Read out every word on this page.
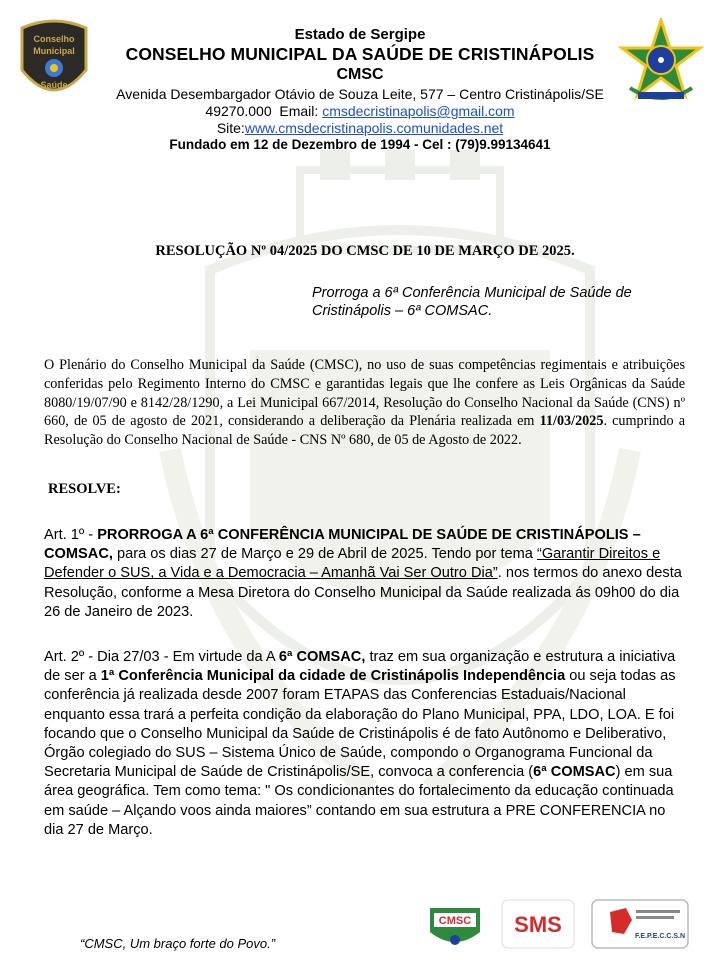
Conselho
Municipal
Saúde
Estado de Sergipe
CONSELHO MUNICIPAL DA SAÚDE DE CRISTINÁPOLIS
CMSC
Avenida Desembargador Otávio de Souza Leite, 577 – Centro Cristinápolis/SE
49270.000 Email: cmsdecristinapolis@gmail.com
Site:www.cmsdecristinapolis.comunidades.net
Fundado em 12 de Dezembro de 1994 - Cel : (79)9.99134641
RESOLUÇÃO Nº 04/2025 DO CMSC DE 10 DE MARÇO DE 2025.
Prorroga a 6ª Conferência Municipal de Saúde de Cristinápolis – 6ª COMSAC.
O Plenário do Conselho Municipal da Saúde (CMSC), no uso de suas competências regimentais e atribuições conferidas pelo Regimento Interno do CMSC e garantidas legais que lhe confere as Leis Orgânicas da Saúde 8080/19/07/90 e 8142/28/1290, a Lei Municipal 667/2014, Resolução do Conselho Nacional da Saúde (CNS) nº 660, de 05 de agosto de 2021, considerando a deliberação da Plenária realizada em 11/03/2025. cumprindo a Resolução do Conselho Nacional de Saúde - CNS Nº 680, de 05 de Agosto de 2022.
RESOLVE:
Art. 1º - PRORROGA A 6ª CONFERÊNCIA MUNICIPAL DE SAÚDE DE CRISTINÁPOLIS – COMSAC, para os dias 27 de Março e 29 de Abril de 2025. Tendo por tema “Garantir Direitos e Defender o SUS, a Vida e a Democracia – Amanhã Vai Ser Outro Dia”. nos termos do anexo desta Resolução, conforme a Mesa Diretora do Conselho Municipal da Saúde realizada ás 09h00 do dia 26 de Janeiro de 2023.
Art. 2º - Dia 27/03 - Em virtude da A 6ª COMSAC, traz em sua organização e estrutura a iniciativa de ser a 1ª Conferência Municipal da cidade de Cristinápolis Independência ou seja todas as conferência já realizada desde 2007 foram ETAPAS das Conferencias Estaduais/Nacional enquanto essa trará a perfeita condição da elaboração do Plano Municipal, PPA, LDO, LOA. E foi focando que o Conselho Municipal da Saúde de Cristinápolis é de fato Autônomo e Deliberativo, Órgão colegiado do SUS – Sistema Único de Saúde, compondo o Organograma Funcional da Secretaria Municipal de Saúde de Cristinápolis/SE, convoca a conferencia (6ª COMSAC) em sua área geográfica. Tem como tema: " Os condicionantes do fortalecimento da educação continuada em saúde – Alçando voos ainda maiores” contando em sua estrutura a PRE CONFERENCIA no dia 27 de Março.
“CMSC, Um braço forte do Povo.”
CMSC SMS	F.E.P.E.C.C.S.N
